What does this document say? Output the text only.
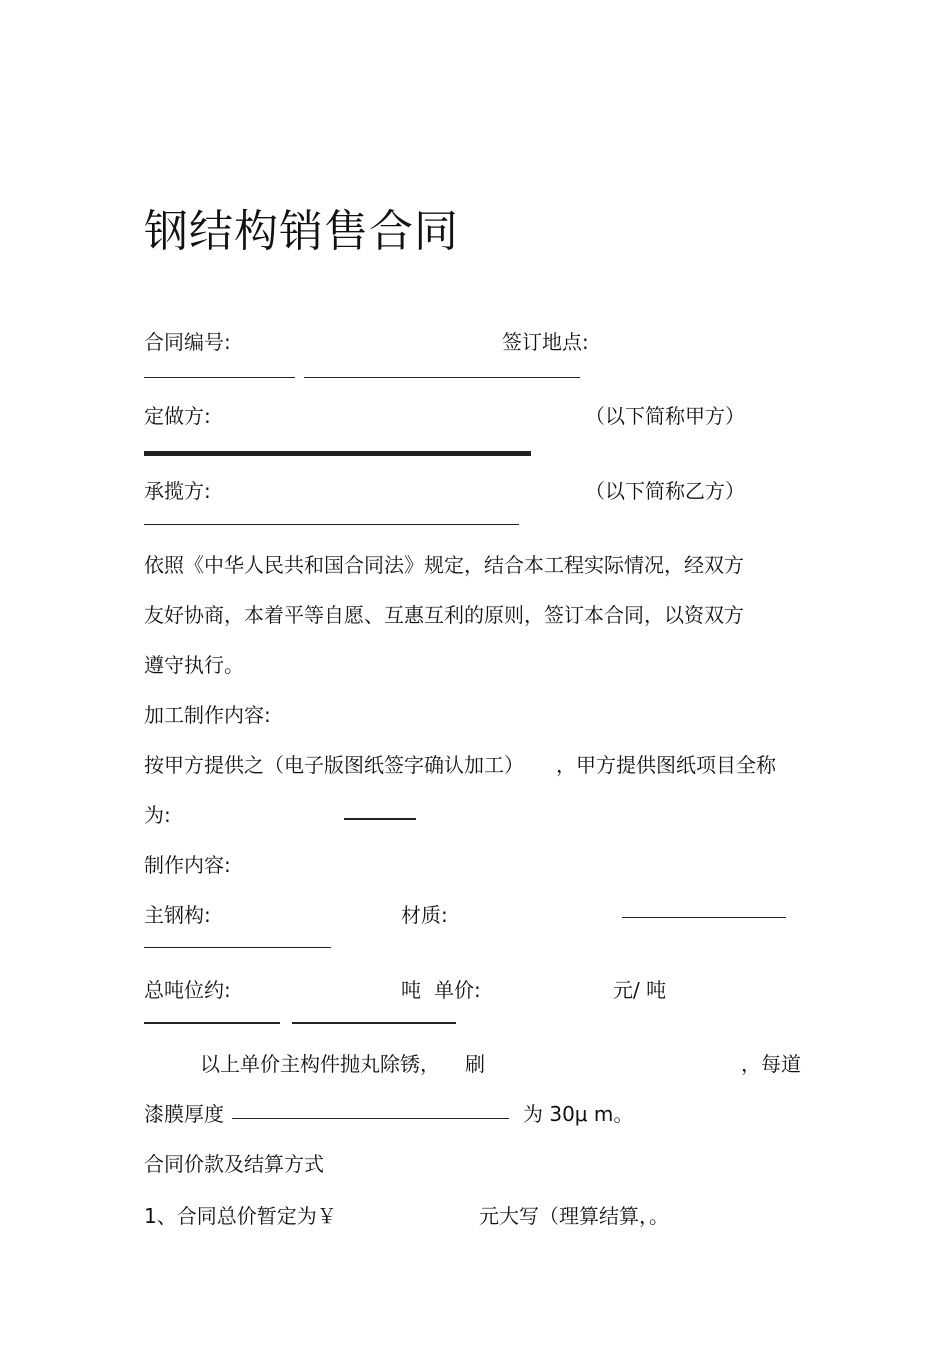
钢结构销售合同
合同编号:	签订地点:
定做方:	（以下简称甲方）
承揽方:	（以下简称乙方）
依照《中华人民共和国合同法》规定，结合本工程实际情况，经双方
友好协商，本着平等自愿、互惠互利的原则，签订本合同，以资双方
遵守执行。
加工制作内容:
按甲方提供之（电子版图纸签字确认加工） ，甲方提供图纸项目全称
为:
制作内容:
主钢构:	材质:
总吨位约:	吨 单价:	元/ 吨
以上单价主构件抛丸除锈， 刷	，每道
漆膜厚度	为 30μ m。
合同价款及结算方式
1、合同总价暂定为￥	元大写（理算结算，。
